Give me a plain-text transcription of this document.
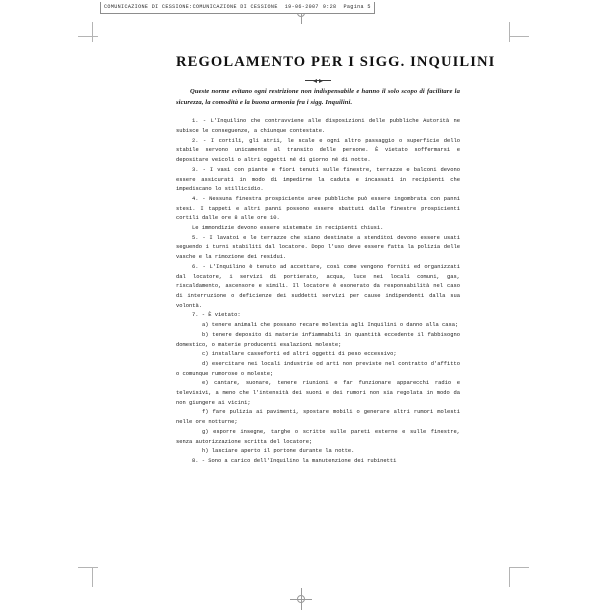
COMUNICAZIONE DI CESSIONE:COMUNICAZIONE DI CESSIONE 19-06-2007 9:28 Pagina 5
REGOLAMENTO PER I SIGG. INQUILINI

Queste norme evitano ogni restrizione non indispensabile e hanno il solo scopo di facilitare la sicurezza, la comodità e la buona armonia fra i sigg. Inquilini.

1. - L'Inquilino che contravviene alle disposizioni delle pubbliche Autorità ne subisce le conseguenze, a chiunque contestate.

2. - I cortili, gli atrii, le scale e ogni altro passaggio o superficie dello stabile servono unicamente al transito delle persone. È vietato soffermarsi e depositare veicoli o altri oggetti né di giorno né di notte.

3. - I vasi con piante e fiori tenuti sulle finestre, terrazze e balconi devono essere assicurati in modo di impedirne la caduta e incassati in recipienti che impediscano lo stillicidio.

4. - Nessuna finestra prospiciente aree pubbliche può essere ingombrata con panni stesi. I tappeti e altri panni possono essere sbattuti dalle finestre prospicienti cortili dalle ore 8 alle ore 10.

Le immondizie devono essere sistemate in recipienti chiusi.

5. - I lavatoi e le terrazze che siano destinate a stenditoi devono essere usati seguendo i turni stabiliti dal locatore. Dopo l'uso deve essere fatta la polizia delle vasche e la rimozione dei residui.

6. - L'Inquilino è tenuto ad accettare, così come vengono forniti ed organizzati dal locatore, i servizi di portierato, acqua, luce nei locali comuni, gas, riscaldamento, ascensore e simili. Il locatore è esonerato da responsabilità nel caso di interruzione o deficienze dei suddetti servizi per cause indipendenti dalla sua volontà.

7. - È vietato:

a) tenere animali che possano recare molestia agli Inquilini o danno alla casa;

b) tenere deposito di materie infiammabili in quantità eccedente il fabbisogno domestico, o materie producenti esalazioni moleste;

c) installare casseforti ed altri oggetti di peso eccessivo;

d) esercitare nei locali industrie od arti non previste nel contratto d'affitto o comunque rumorose o moleste;

e) cantare, suonare, tenere riunioni e far funzionare apparecchi radio e televisivi, a meno che l'intensità dei suoni e dei rumori non sia regolata in modo da non giungere ai vicini;

f) fare pulizia ai pavimenti, spostare mobili o generare altri rumori molesti nelle ore notturne;

g) esporre insegne, targhe o scritte sulle pareti esterne e sulle finestre, senza autorizzazione scritta del locatore;

h) lasciare aperto il portone durante la notte.

8. - Sono a carico dell'Inquilino la manutenzione dei rubinetti
